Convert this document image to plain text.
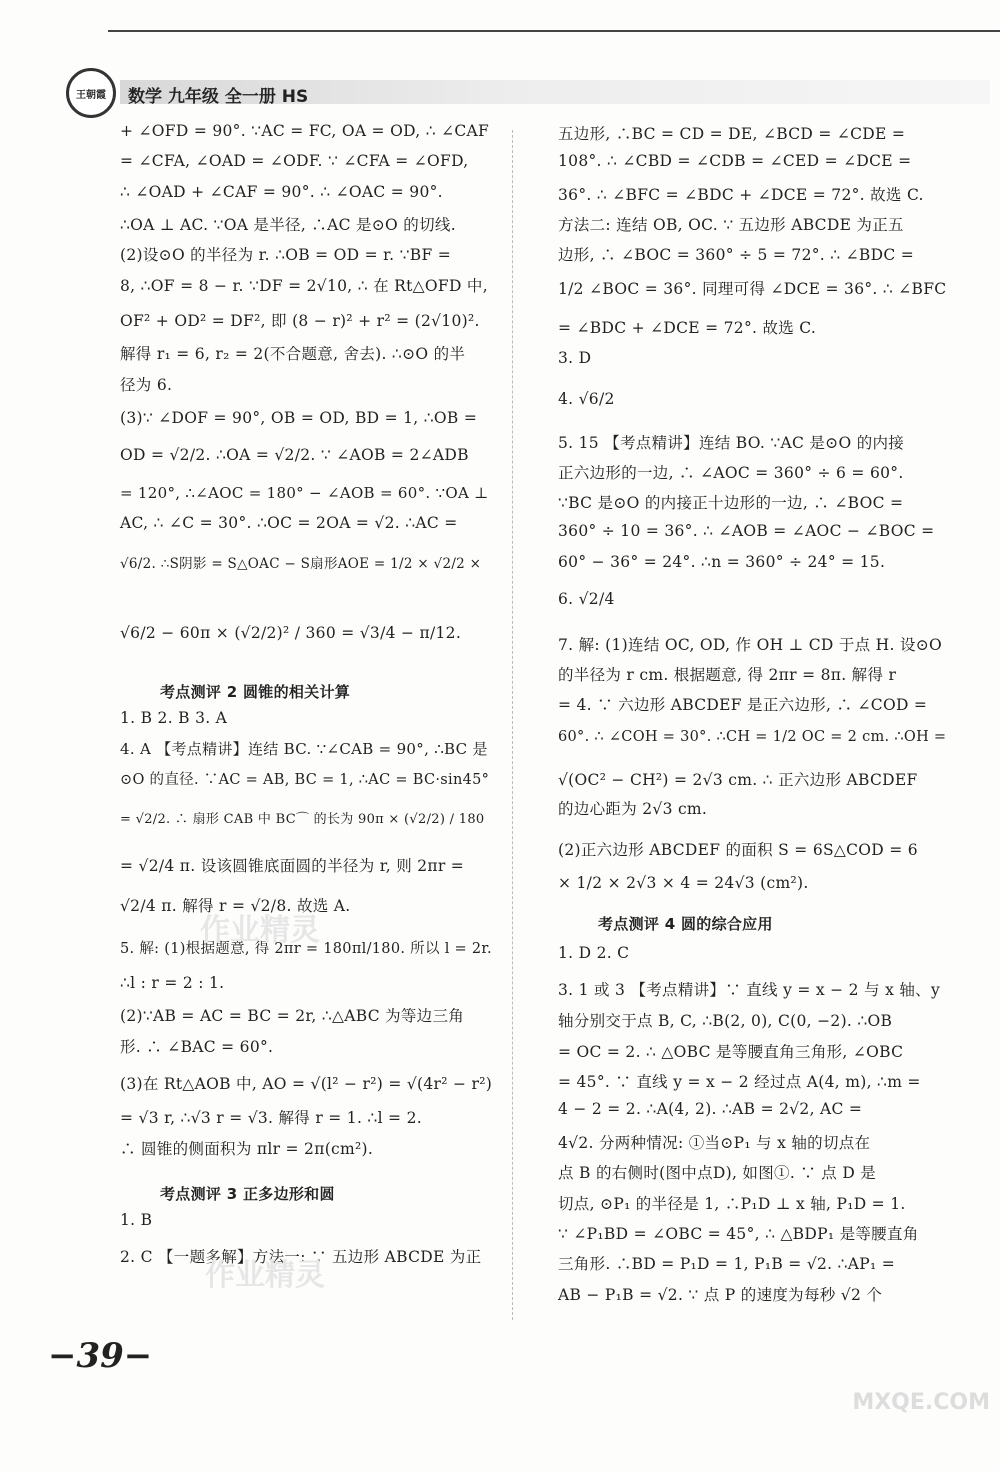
王朝霞 数学 九年级 全一册 HS
+ ∠OFD = 90°. ∵AC = FC, OA = OD, ∴ ∠CAF
= ∠CFA, ∠OAD = ∠ODF. ∵ ∠CFA = ∠OFD,
∴ ∠OAD + ∠CAF = 90°. ∴ ∠OAC = 90°.
∴OA ⊥ AC. ∵OA 是半径, ∴AC 是⊙O 的切线.
(2)设⊙O 的半径为 r. ∴OB = OD = r. ∵BF =
8, ∴OF = 8 − r. ∵DF = 2√10, ∴ 在 Rt△OFD 中,
OF² + OD² = DF², 即 (8 − r)² + r² = (2√10)².
解得 r₁ = 6, r₂ = 2(不合题意, 舍去). ∴⊙O 的半
径为 6.
(3)∵ ∠DOF = 90°, OB = OD, BD = 1, ∴OB =
OD = √2/2. ∴OA = √2/2. ∵ ∠AOB = 2∠ADB
= 120°, ∴∠AOC = 180° − ∠AOB = 60°. ∵OA ⊥
AC, ∴ ∠C = 30°. ∴OC = 2OA = √2. ∴AC =
√6/2. ∴S阴影 = S△OAC − S扇形AOE = 1/2 × √2/2 ×
√6/2 − 60π × (√2/2)² / 360 = √3/4 − π/12.
考点测评 2 圆锥的相关计算
1. B 2. B 3. A
4. A 【考点精讲】连结 BC. ∵∠CAB = 90°, ∴BC 是
⊙O 的直径. ∵AC = AB, BC = 1, ∴AC = BC·sin45°
= √2/2. ∴ 扇形 CAB 中 BC⌒ 的长为 90π × (√2/2) / 180
= √2/4 π. 设该圆锥底面圆的半径为 r, 则 2πr =
√2/4 π. 解得 r = √2/8. 故选 A.
5. 解: (1)根据题意, 得 2πr = 180πl/180. 所以 l = 2r.
∴l : r = 2 : 1.
(2)∵AB = AC = BC = 2r, ∴△ABC 为等边三角
形. ∴ ∠BAC = 60°.
(3)在 Rt△AOB 中, AO = √(l² − r²) = √(4r² − r²)
= √3 r, ∴√3 r = √3. 解得 r = 1. ∴l = 2.
∴ 圆锥的侧面积为 πlr = 2π(cm²).
考点测评 3 正多边形和圆
1. B
2. C 【一题多解】方法一: ∵ 五边形 ABCDE 为正
五边形, ∴BC = CD = DE, ∠BCD = ∠CDE =
108°. ∴ ∠CBD = ∠CDB = ∠CED = ∠DCE =
36°. ∴ ∠BFC = ∠BDC + ∠DCE = 72°. 故选 C.
方法二: 连结 OB, OC. ∵ 五边形 ABCDE 为正五
边形, ∴ ∠BOC = 360° ÷ 5 = 72°. ∴ ∠BDC =
1/2 ∠BOC = 36°. 同理可得 ∠DCE = 36°. ∴ ∠BFC
= ∠BDC + ∠DCE = 72°. 故选 C.
3. D
4. √6/2
5. 15 【考点精讲】连结 BO. ∵AC 是⊙O 的内接
正六边形的一边, ∴ ∠AOC = 360° ÷ 6 = 60°.
∵BC 是⊙O 的内接正十边形的一边, ∴ ∠BOC =
360° ÷ 10 = 36°. ∴ ∠AOB = ∠AOC − ∠BOC =
60° − 36° = 24°. ∴n = 360° ÷ 24° = 15.
6. √2/4
7. 解: (1)连结 OC, OD, 作 OH ⊥ CD 于点 H. 设⊙O
的半径为 r cm. 根据题意, 得 2πr = 8π. 解得 r
= 4. ∵ 六边形 ABCDEF 是正六边形, ∴ ∠COD =
60°. ∴ ∠COH = 30°. ∴CH = 1/2 OC = 2 cm. ∴OH =
√(OC² − CH²) = 2√3 cm. ∴ 正六边形 ABCDEF
的边心距为 2√3 cm.
(2)正六边形 ABCDEF 的面积 S = 6S△COD = 6
× 1/2 × 2√3 × 4 = 24√3 (cm²).
考点测评 4 圆的综合应用
1. D 2. C
3. 1 或 3 【考点精讲】∵ 直线 y = x − 2 与 x 轴、y
轴分别交于点 B, C, ∴B(2, 0), C(0, −2). ∴OB
= OC = 2. ∴ △OBC 是等腰直角三角形, ∠OBC
= 45°. ∵ 直线 y = x − 2 经过点 A(4, m), ∴m =
4 − 2 = 2. ∴A(4, 2). ∴AB = 2√2, AC =
4√2. 分两种情况: ①当⊙P₁ 与 x 轴的切点在
点 B 的右侧时(图中点D), 如图①. ∵ 点 D 是
切点, ⊙P₁ 的半径是 1, ∴P₁D ⊥ x 轴, P₁D = 1.
∵ ∠P₁BD = ∠OBC = 45°, ∴ △BDP₁ 是等腰直角
三角形. ∴BD = P₁D = 1, P₁B = √2. ∴AP₁ =
AB − P₁B = √2. ∵ 点 P 的速度为每秒 √2 个
作业精灵
作业精灵
−39−
MXQE.COM
